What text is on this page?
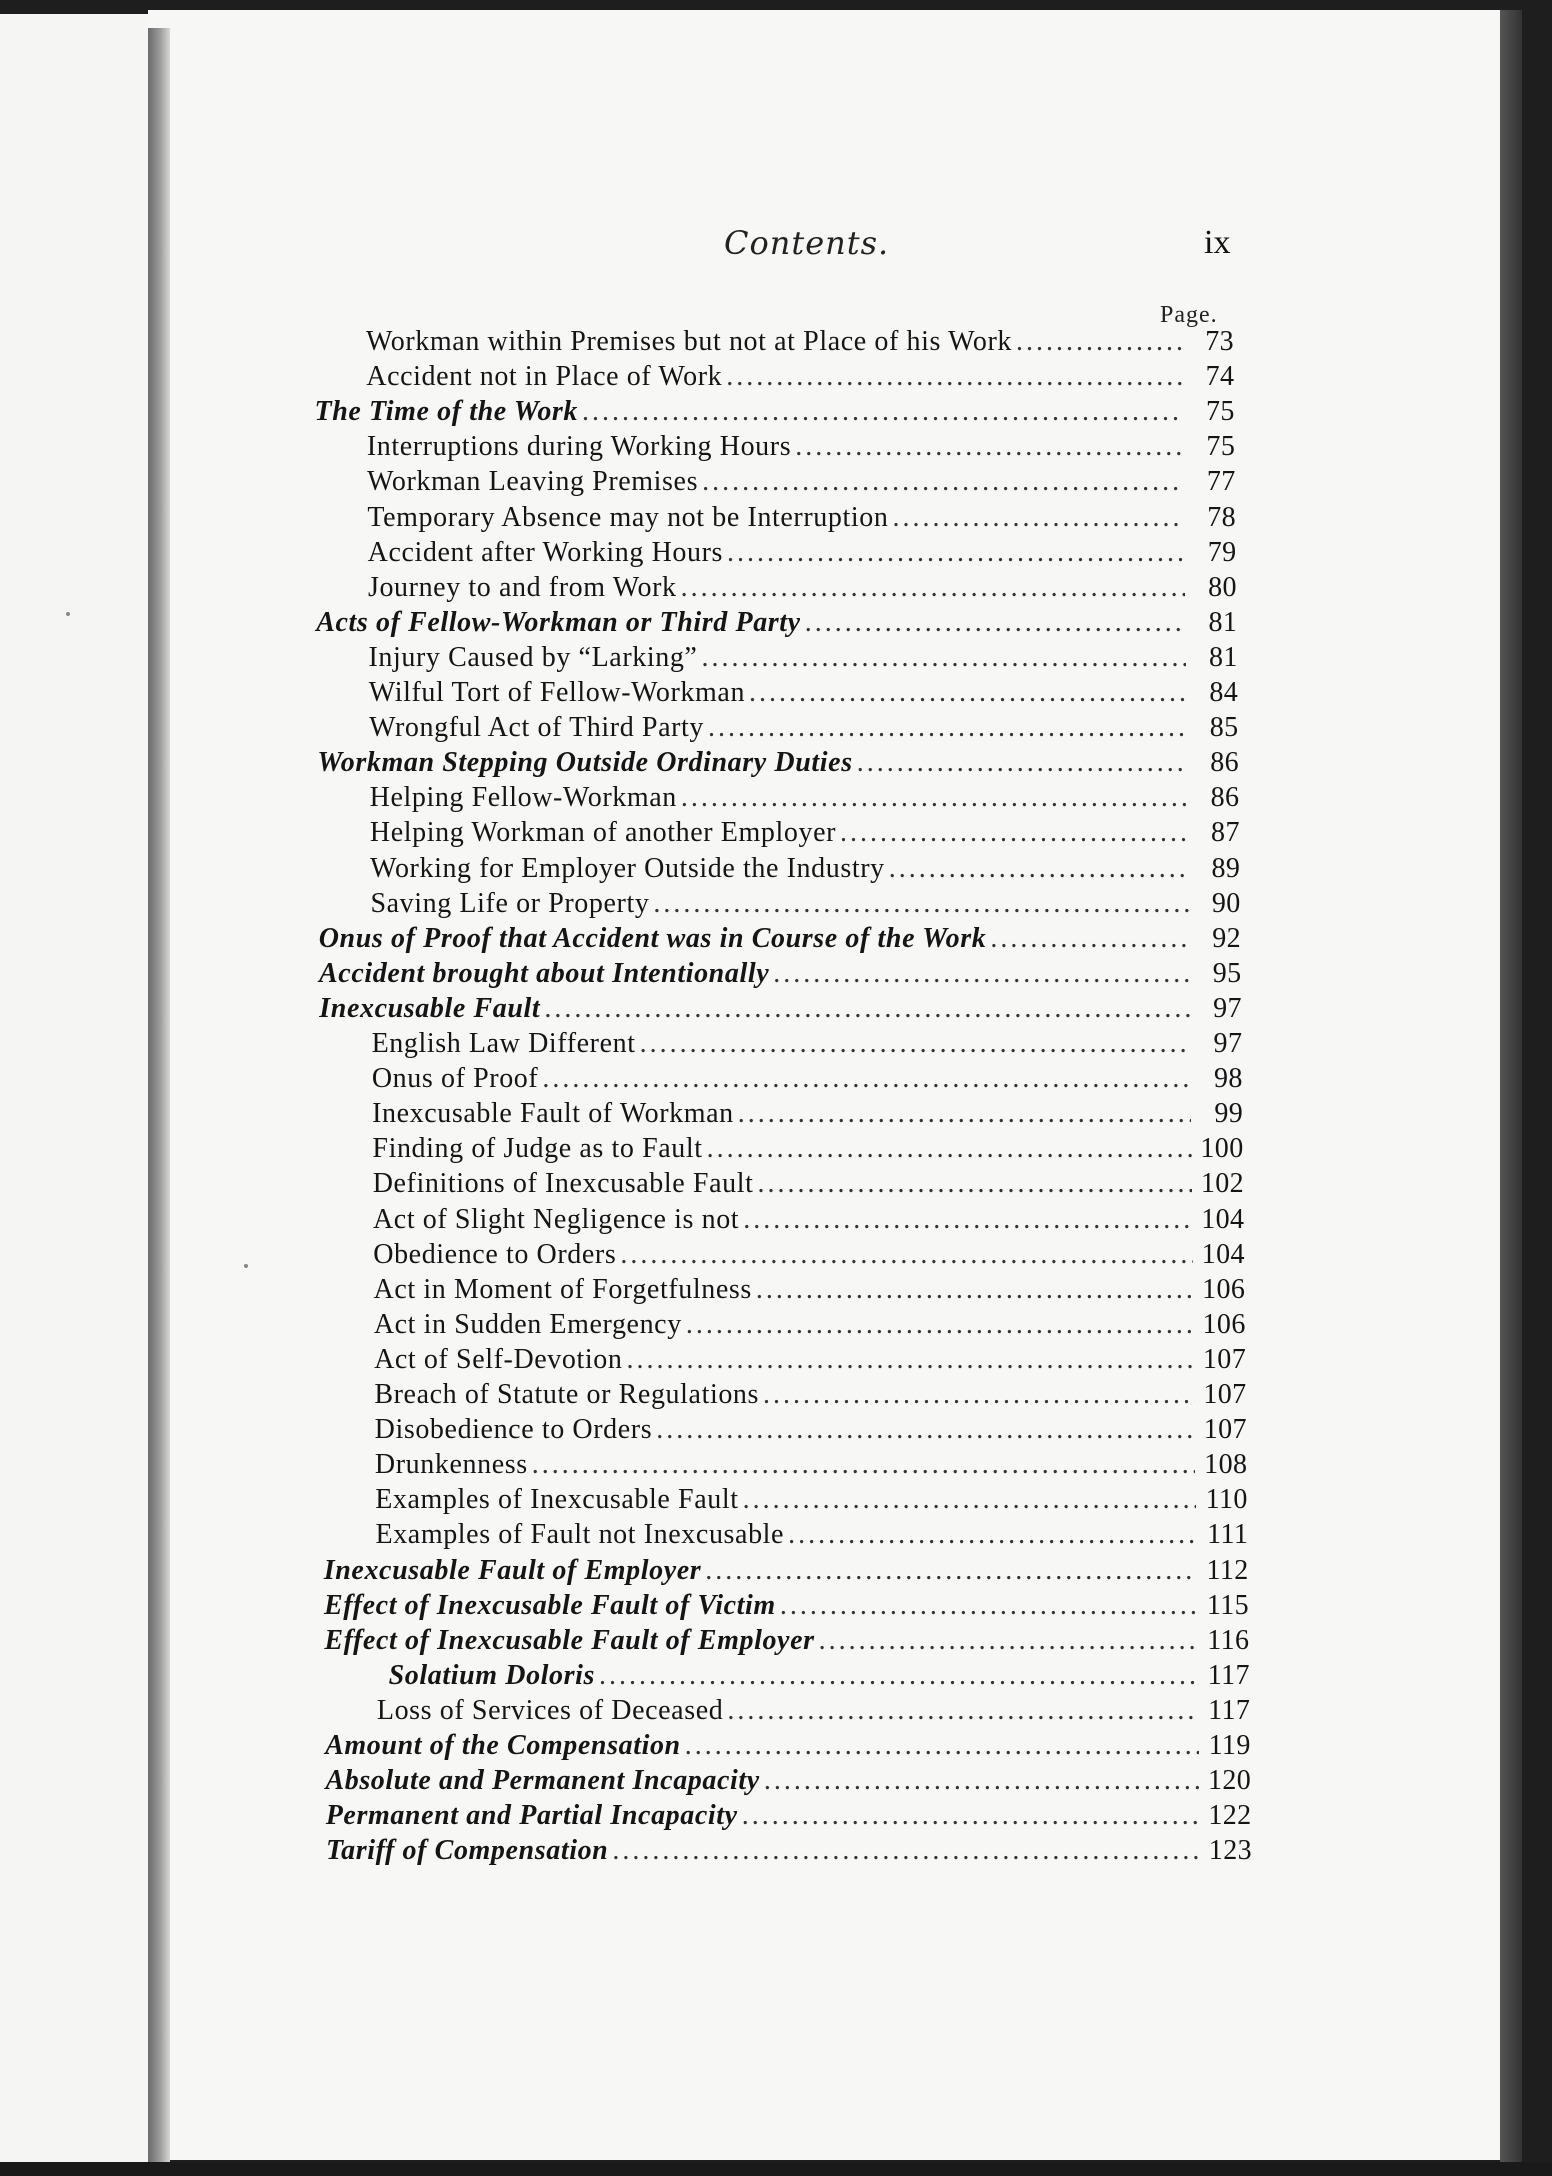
Contents.	ix
Page.
Workman within Premises but not at Place of his Work .....	73
Accident not in Place of Work .....	74
The Time of the Work .....	75
Interruptions during Working Hours .....	75
Workman Leaving Premises .....	77
Temporary Absence may not be Interruption .....	78
Accident after Working Hours .....	79
Journey to and from Work .....	80
Acts of Fellow-Workman or Third Party .....	81
Injury Caused by “Larking” .....	81
Wilful Tort of Fellow-Workman .....	84
Wrongful Act of Third Party .....	85
Workman Stepping Outside Ordinary Duties .....	86
Helping Fellow-Workman .....	86
Helping Workman of another Employer .....	87
Working for Employer Outside the Industry .....	89
Saving Life or Property .....	90
Onus of Proof that Accident was in Course of the Work .....	92
Accident brought about Intentionally .....	95
Inexcusable Fault .....	97
English Law Different .....	97
Onus of Proof .....	98
Inexcusable Fault of Workman .....	99
Finding of Judge as to Fault .....	100
Definitions of Inexcusable Fault .....	102
Act of Slight Negligence is not .....	104
Obedience to Orders .....	104
Act in Moment of Forgetfulness .....	106
Act in Sudden Emergency .....	106
Act of Self-Devotion .....	107
Breach of Statute or Regulations .....	107
Disobedience to Orders .....	107
Drunkenness .....	108
Examples of Inexcusable Fault .....	110
Examples of Fault not Inexcusable .....	111
Inexcusable Fault of Employer .....	112
Effect of Inexcusable Fault of Victim .....	115
Effect of Inexcusable Fault of Employer .....	116
Solatium Doloris .....	117
Loss of Services of Deceased .....	117
Amount of the Compensation .....	119
Absolute and Permanent Incapacity .....	120
Permanent and Partial Incapacity .....	122
Tariff of Compensation .....	123
